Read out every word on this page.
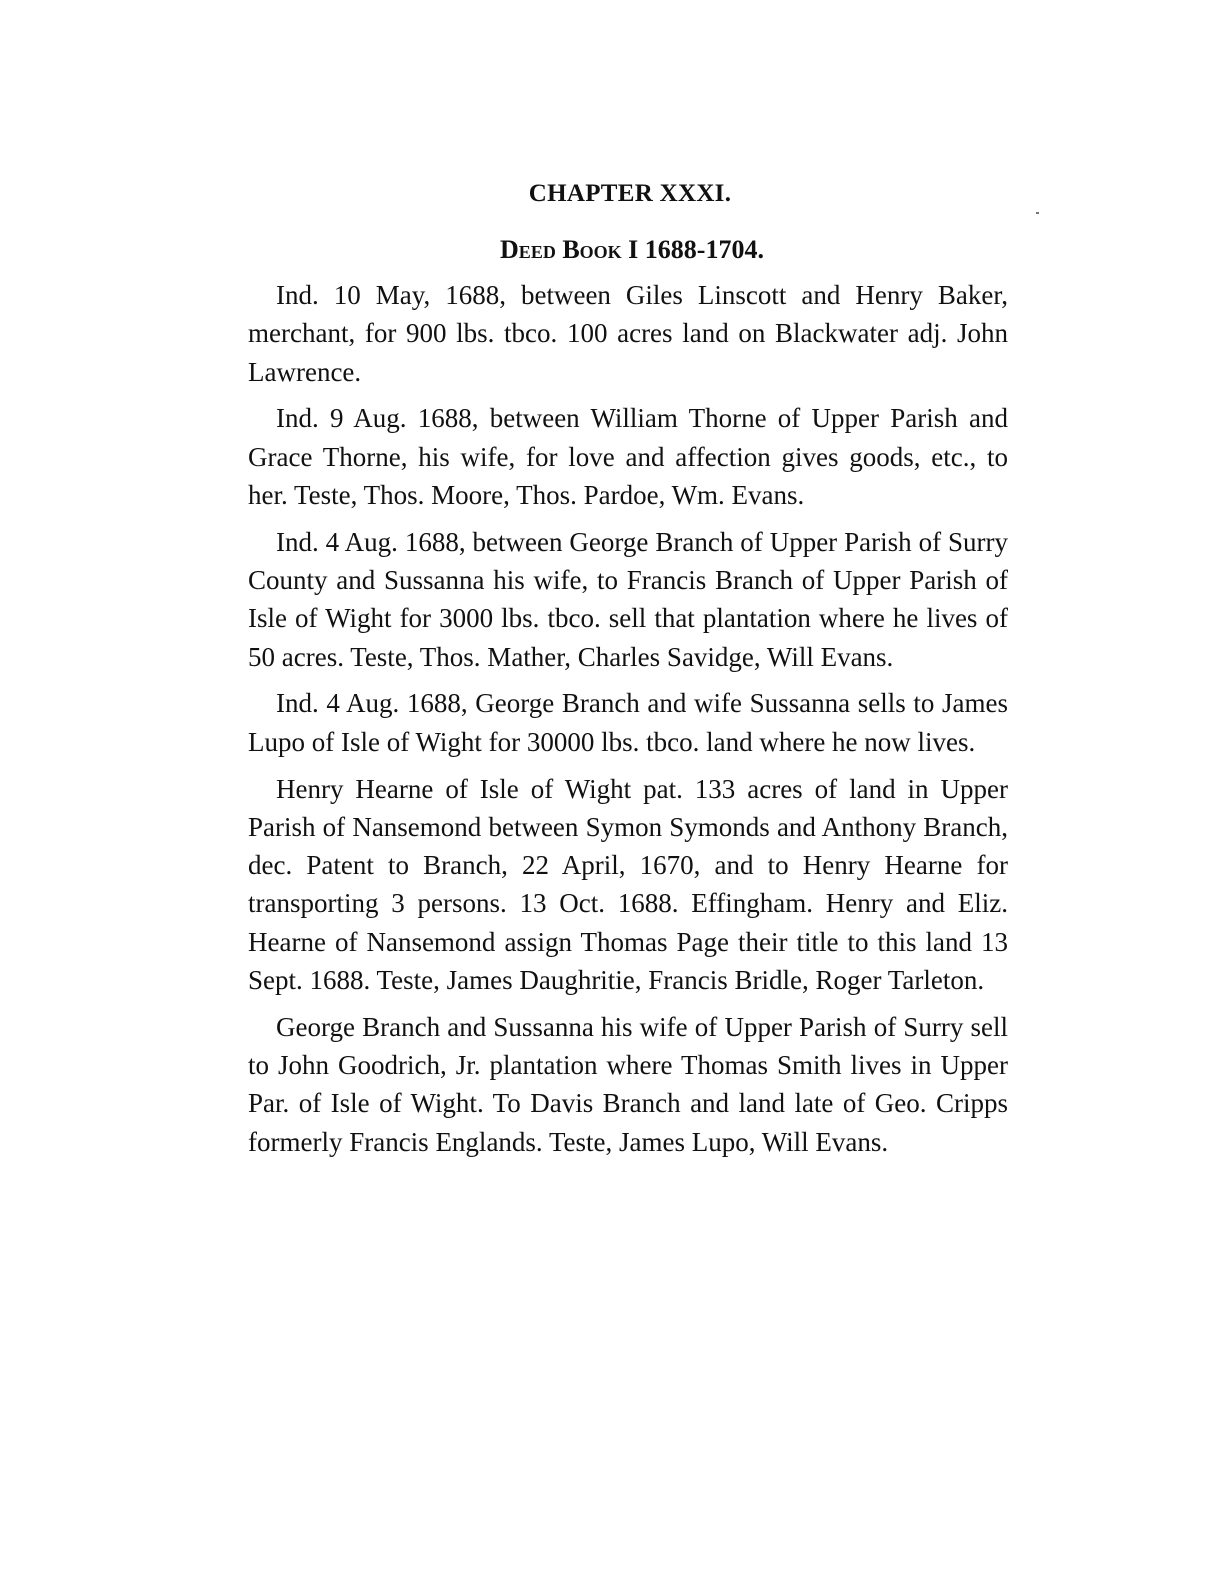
CHAPTER XXXI.
Deed Book I 1688-1704.

Ind. 10 May, 1688, between Giles Linscott and Henry Baker, merchant, for 900 lbs. tbco. 100 acres land on Blackwater adj. John Lawrence.

Ind. 9 Aug. 1688, between William Thorne of Upper Parish and Grace Thorne, his wife, for love and affection gives goods, etc., to her. Teste, Thos. Moore, Thos. Pardoe, Wm. Evans.

Ind. 4 Aug. 1688, between George Branch of Upper Parish of Surry County and Sussanna his wife, to Francis Branch of Upper Parish of Isle of Wight for 3000 lbs. tbco. sell that plantation where he lives of 50 acres. Teste, Thos. Mather, Charles Savidge, Will Evans.

Ind. 4 Aug. 1688, George Branch and wife Sussanna sells to James Lupo of Isle of Wight for 30000 lbs. tbco. land where he now lives.

Henry Hearne of Isle of Wight pat. 133 acres of land in Upper Parish of Nansemond between Symon Symonds and Anthony Branch, dec. Patent to Branch, 22 April, 1670, and to Henry Hearne for transporting 3 persons. 13 Oct. 1688. Effingham. Henry and Eliz. Hearne of Nansemond assign Thomas Page their title to this land 13 Sept. 1688. Teste, James Daughritie, Francis Bridle, Roger Tarleton.

George Branch and Sussanna his wife of Upper Parish of Surry sell to John Goodrich, Jr. plantation where Thomas Smith lives in Upper Par. of Isle of Wight. To Davis Branch and land late of Geo. Cripps formerly Francis Englands. Teste, James Lupo, Will Evans.
